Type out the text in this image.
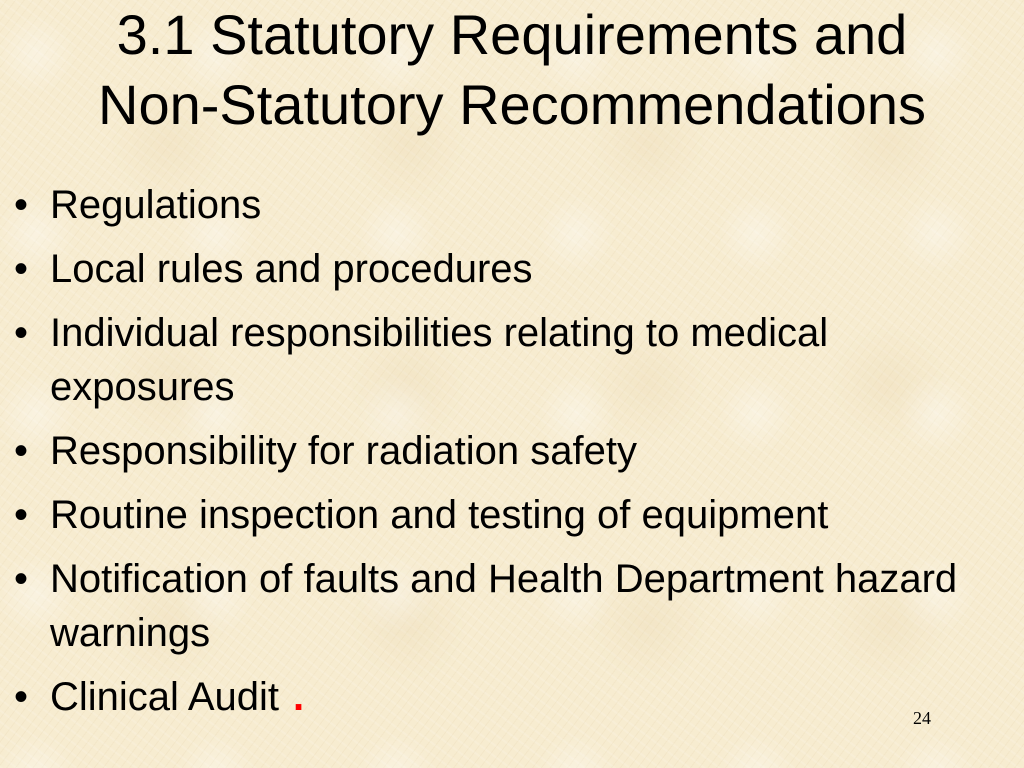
3.1 Statutory Requirements and
Non-Statutory Recommendations
• Regulations
• Local rules and procedures
• Individual responsibilities relating to medical exposures
• Responsibility for radiation safety
• Routine inspection and testing of equipment
• Notification of faults and Health Department hazard warnings
• Clinical Audit .	24
